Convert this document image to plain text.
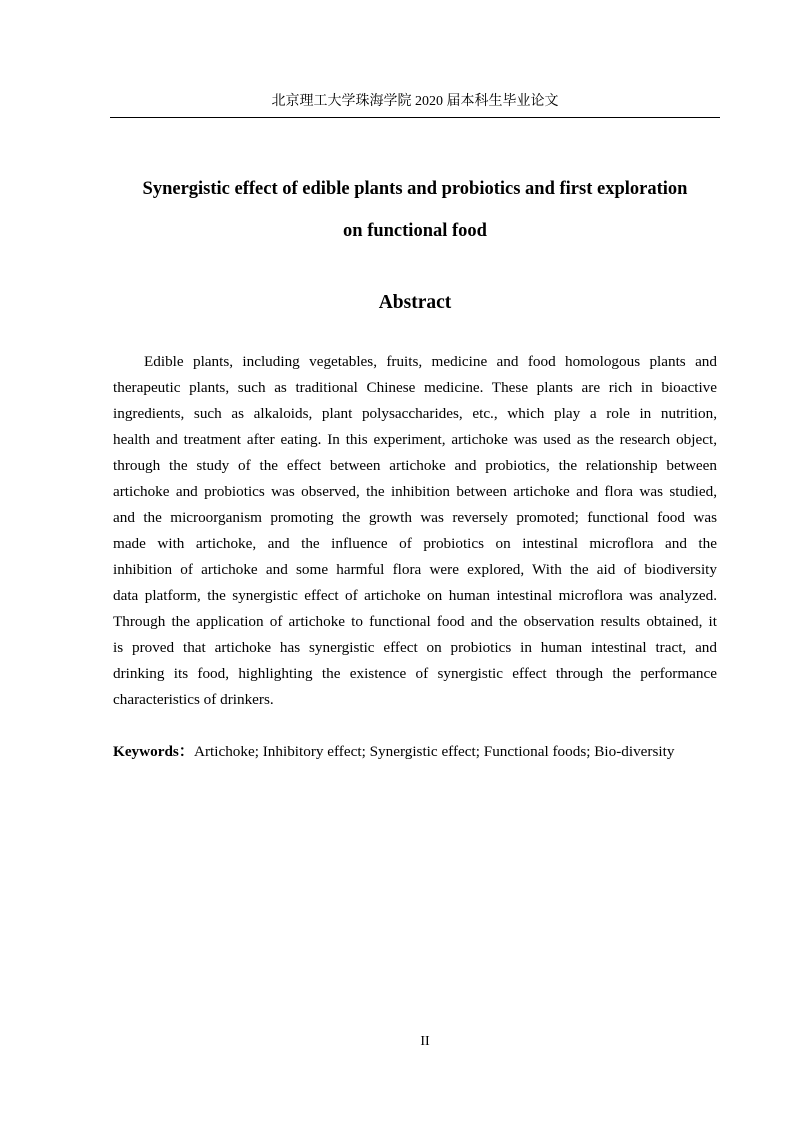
北京理工大学珠海学院 2020 届本科生毕业论文
Synergistic effect of edible plants and probiotics and first exploration
on functional food
Abstract
Edible plants, including vegetables, fruits, medicine and food homologous plants and
therapeutic plants, such as traditional Chinese medicine. These plants are rich in bioactive
ingredients, such as alkaloids, plant polysaccharides, etc., which play a role in nutrition,
health and treatment after eating. In this experiment, artichoke was used as the research object,
through the study of the effect between artichoke and probiotics, the relationship between
artichoke and probiotics was observed, the inhibition between artichoke and flora was studied,
and the microorganism promoting the growth was reversely promoted; functional food was
made with artichoke, and the influence of probiotics on intestinal microflora and the
inhibition of artichoke and some harmful flora were explored, With the aid of biodiversity
data platform, the synergistic effect of artichoke on human intestinal microflora was analyzed.
Through the application of artichoke to functional food and the observation results obtained, it
is proved that artichoke has synergistic effect on probiotics in human intestinal tract, and
drinking its food, highlighting the existence of synergistic effect through the performance
characteristics of drinkers.
Keywords：Artichoke; Inhibitory effect; Synergistic effect; Functional foods; Bio-diversity
II
